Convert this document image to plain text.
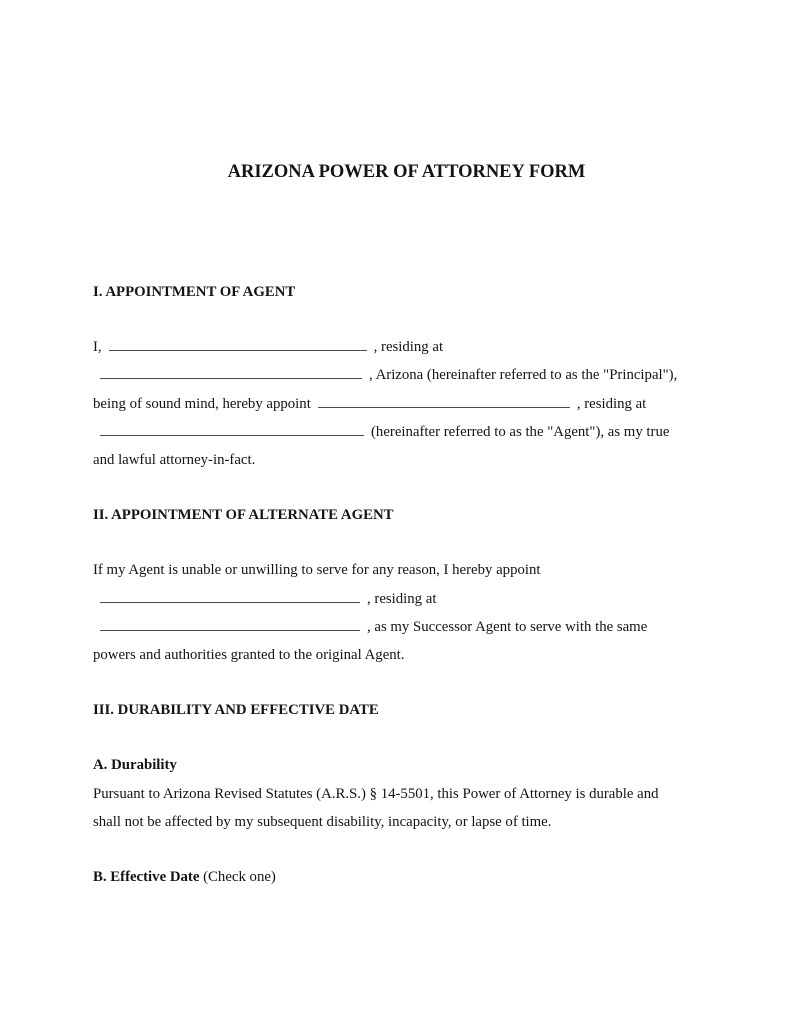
ARIZONA POWER OF ATTORNEY FORM
I. APPOINTMENT OF AGENT
I,	, residing at
, Arizona (hereinafter referred to as the "Principal"),
being of sound mind, hereby appoint	, residing at
(hereinafter referred to as the "Agent"), as my true
and lawful attorney-in-fact.
II. APPOINTMENT OF ALTERNATE AGENT
If my Agent is unable or unwilling to serve for any reason, I hereby appoint
, residing at
, as my Successor Agent to serve with the same
powers and authorities granted to the original Agent.
III. DURABILITY AND EFFECTIVE DATE
A. Durability
Pursuant to Arizona Revised Statutes (A.R.S.) § 14-5501, this Power of Attorney is durable and
shall not be affected by my subsequent disability, incapacity, or lapse of time.
B. Effective Date (Check one)
